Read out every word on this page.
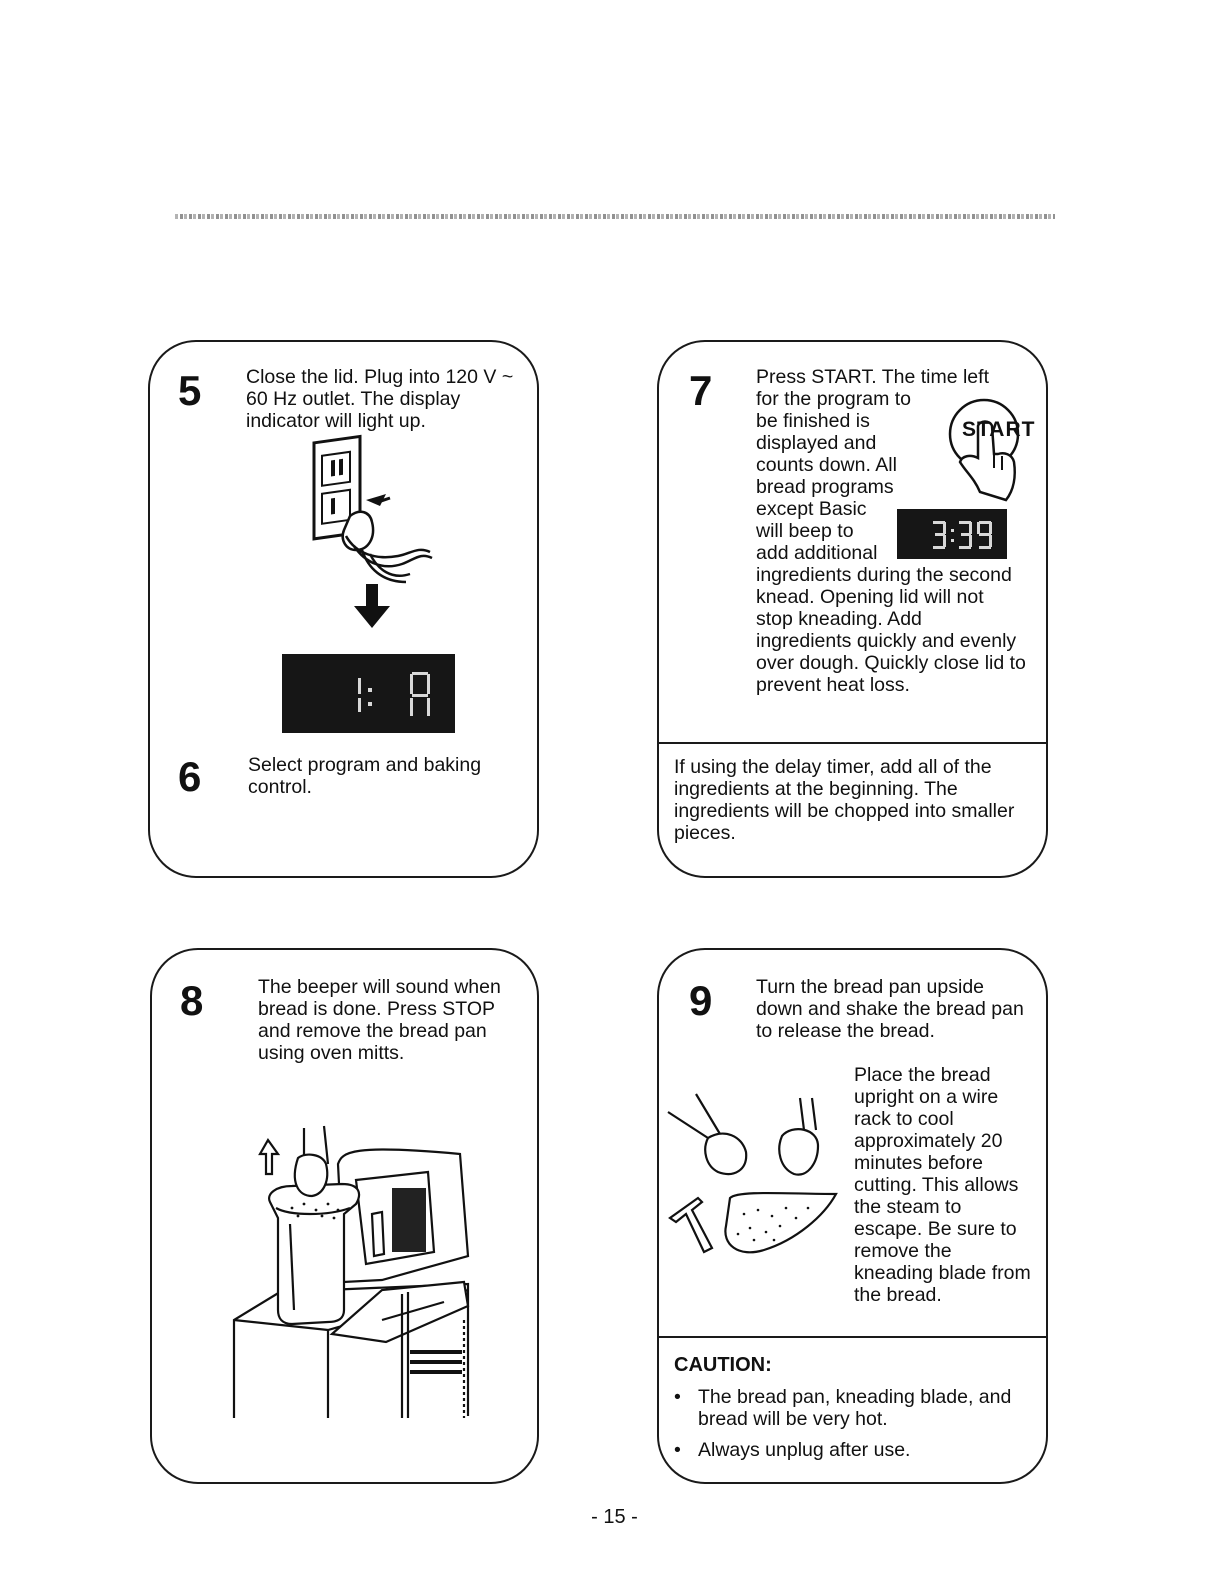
5 Close the lid. Plug into 120 V ~
60 Hz outlet. The display
indicator will light up.
6 Select program and baking
control.
7 Press START. The time left
for the program to
be finished is
displayed and
counts down. All
bread programs
except Basic
will beep to
add additional
ingredients during the second
knead. Opening lid will not
stop kneading. Add
ingredients quickly and evenly
over dough. Quickly close lid to
prevent heat loss.
START
If using the delay timer, add all of the
ingredients at the beginning. The
ingredients will be chopped into smaller
pieces.
8	The beeper will sound when
bread is done. Press STOP
and remove the bread pan
using oven mitts.
9 Turn the bread pan upside
down and shake the bread pan
to release the bread.
Place the bread
upright on a wire
rack to cool
approximately 20
minutes before
cutting. This allows
the steam to
escape. Be sure to
remove the
kneading blade from
the bread.
CAUTION:
• The bread pan, kneading blade, and
bread will be very hot.
• Always unplug after use.
- 15 -
